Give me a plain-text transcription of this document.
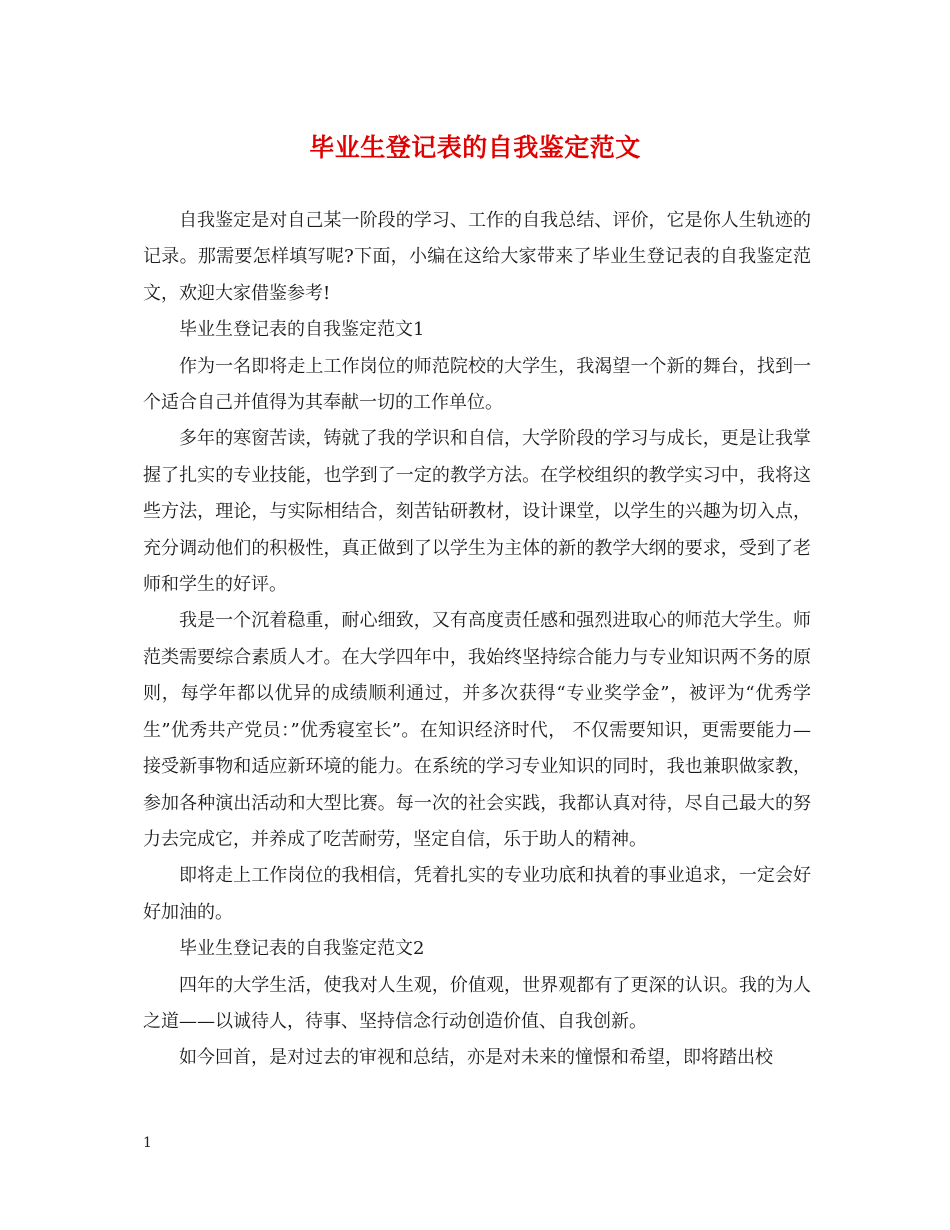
毕业生登记表的自我鉴定范文

自我鉴定是对自己某一阶段的学习、工作的自我总结、评价，它是你人生轨迹的记录。那需要怎样填写呢?下面，小编在这给大家带来了毕业生登记表的自我鉴定范文，欢迎大家借鉴参考!

毕业生登记表的自我鉴定范文1

作为一名即将走上工作岗位的师范院校的大学生，我渴望一个新的舞台，找到一个适合自己并值得为其奉献一切的工作单位。

多年的寒窗苦读，铸就了我的学识和自信，大学阶段的学习与成长，更是让我掌握了扎实的专业技能，也学到了一定的教学方法。在学校组织的教学实习中，我将这些方法，理论，与实际相结合，刻苦钻研教材，设计课堂，以学生的兴趣为切入点，充分调动他们的积极性，真正做到了以学生为主体的新的教学大纲的要求，受到了老师和学生的好评。

我是一个沉着稳重，耐心细致，又有高度责任感和强烈进取心的师范大学生。师范类需要综合素质人才。在大学四年中，我始终坚持综合能力与专业知识两不务的原则，每学年都以优异的成绩顺利通过，并多次获得“专业奖学金”，被评为“优秀学生”优秀共产党员：”优秀寝室长”。在知识经济时代， 不仅需要知识，更需要能力—接受新事物和适应新环境的能力。在系统的学习专业知识的同时，我也兼职做家教，参加各种演出活动和大型比赛。每一次的社会实践，我都认真对待，尽自己最大的努力去完成它，并养成了吃苦耐劳，坚定自信，乐于助人的精神。

即将走上工作岗位的我相信，凭着扎实的专业功底和执着的事业追求，一定会好好加油的。

毕业生登记表的自我鉴定范文2

四年的大学生活，使我对人生观，价值观，世界观都有了更深的认识。我的为人之道——以诚待人，待事、坚持信念行动创造价值、自我创新。

如今回首，是对过去的审视和总结，亦是对未来的憧憬和希望，即将踏出校

1
